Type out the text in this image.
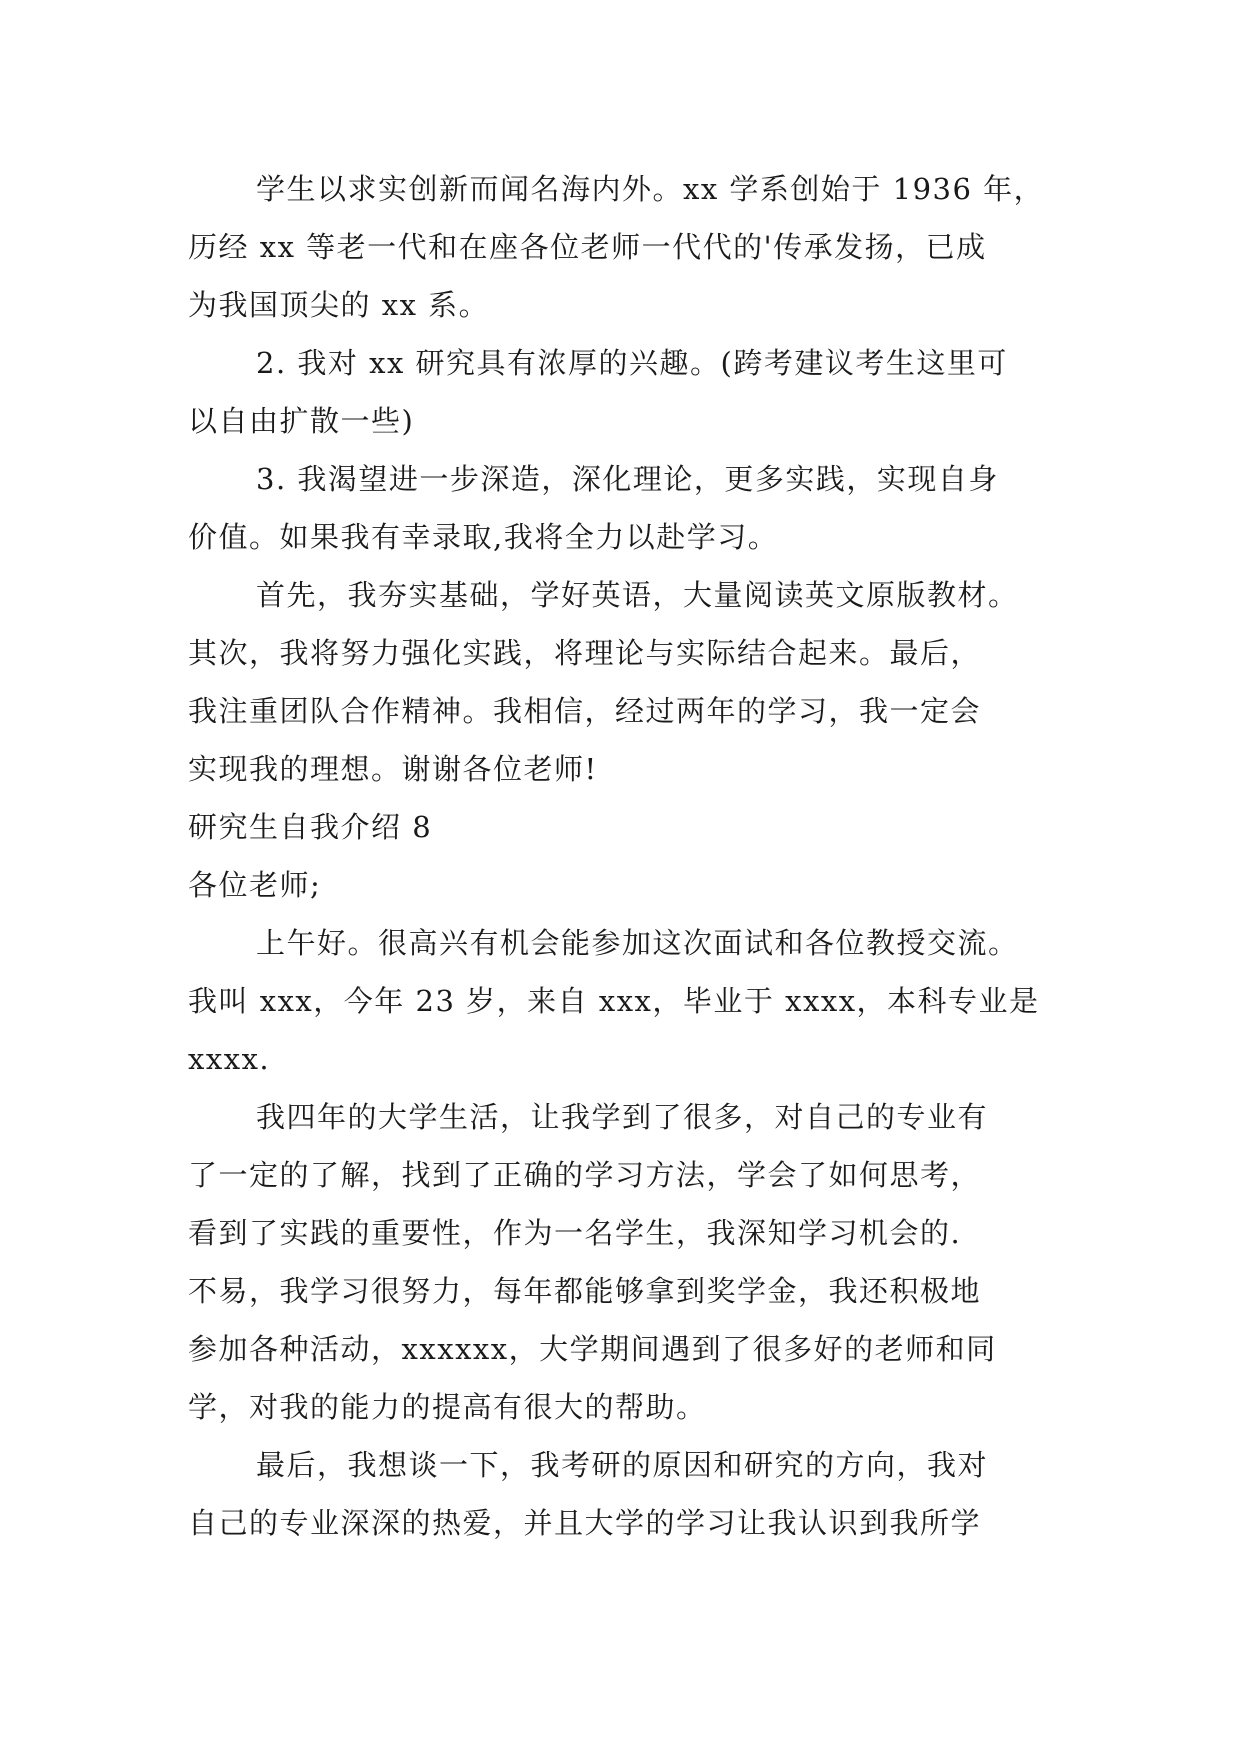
学生以求实创新而闻名海内外。xx 学系创始于 1936 年，
历经 xx 等老一代和在座各位老师一代代的'传承发扬，已成
为我国顶尖的 xx 系。
2. 我对 xx 研究具有浓厚的兴趣。(跨考建议考生这里可
以自由扩散一些)
3. 我渴望进一步深造，深化理论，更多实践，实现自身
价值。如果我有幸录取,我将全力以赴学习。
首先，我夯实基础，学好英语，大量阅读英文原版教材。
其次，我将努力强化实践，将理论与实际结合起来。最后，
我注重团队合作精神。我相信，经过两年的学习，我一定会
实现我的理想。谢谢各位老师!
研究生自我介绍 8
各位老师;
上午好。很高兴有机会能参加这次面试和各位教授交流。
我叫 xxx，今年 23 岁，来自 xxx，毕业于 xxxx，本科专业是
xxxx.
我四年的大学生活，让我学到了很多，对自己的专业有
了一定的了解，找到了正确的学习方法，学会了如何思考，
看到了实践的重要性，作为一名学生，我深知学习机会的.
不易，我学习很努力，每年都能够拿到奖学金，我还积极地
参加各种活动，xxxxxx，大学期间遇到了很多好的老师和同
学，对我的能力的提高有很大的帮助。
最后，我想谈一下，我考研的原因和研究的方向，我对
自己的专业深深的热爱，并且大学的学习让我认识到我所学
